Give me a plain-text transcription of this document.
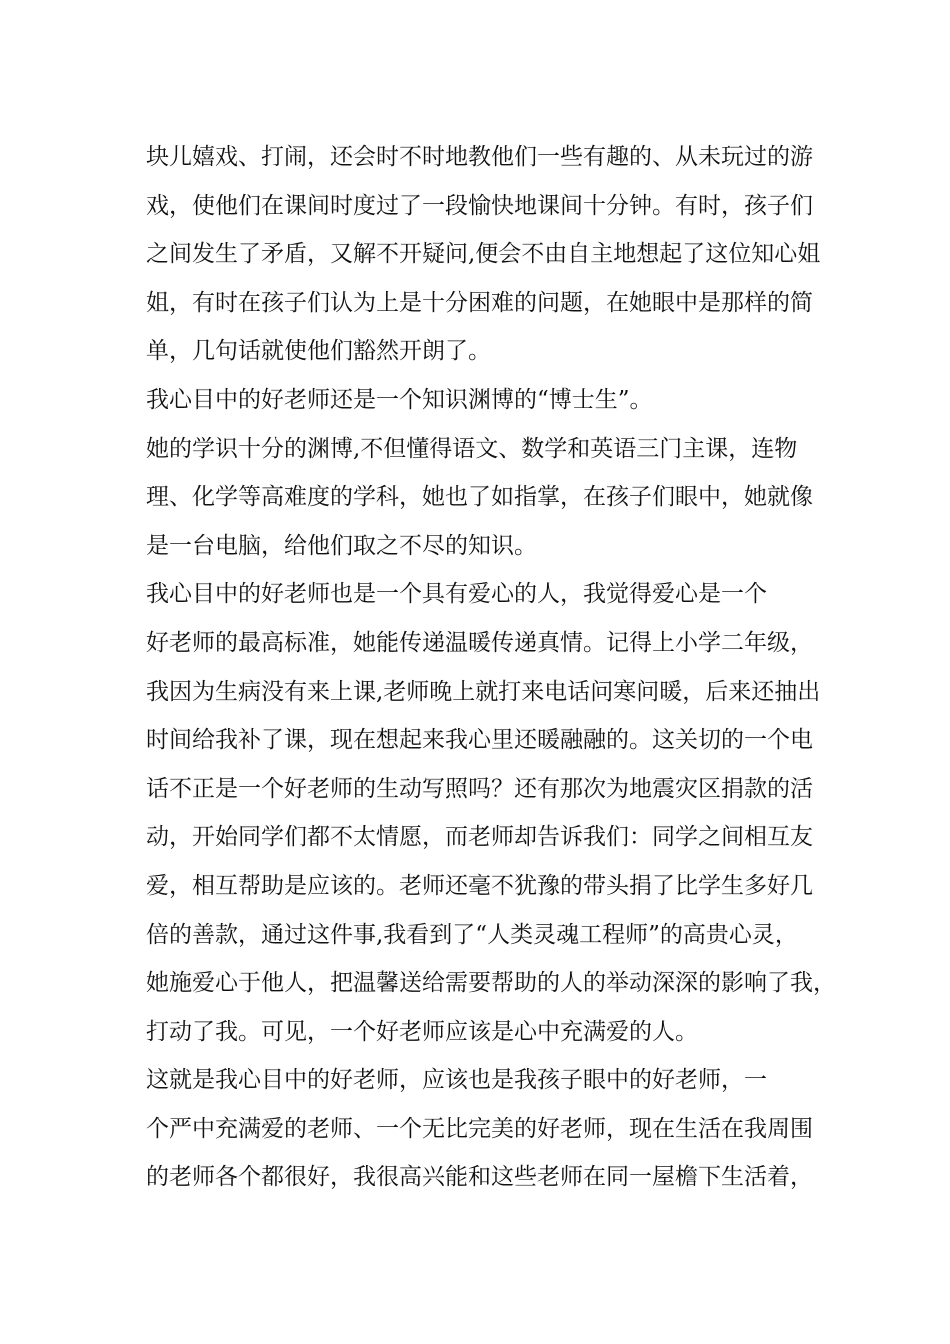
块儿嬉戏、打闹，还会时不时地教他们一些有趣的、从未玩过的游
戏，使他们在课间时度过了一段愉快地课间十分钟。有时，孩子们
之间发生了矛盾，又解不开疑问,便会不由自主地想起了这位知心姐
姐，有时在孩子们认为上是十分困难的问题，在她眼中是那样的简
单，几句话就使他们豁然开朗了。
我心目中的好老师还是一个知识渊博的“博士生”。
她的学识十分的渊博,不但懂得语文、数学和英语三门主课，连物
理、化学等高难度的学科，她也了如指掌，在孩子们眼中，她就像
是一台电脑，给他们取之不尽的知识。
我心目中的好老师也是一个具有爱心的人，我觉得爱心是一个
好老师的最高标准，她能传递温暖传递真情。记得上小学二年级，
我因为生病没有来上课,老师晚上就打来电话问寒问暖，后来还抽出
时间给我补了课，现在想起来我心里还暖融融的。这关切的一个电
话不正是一个好老师的生动写照吗？还有那次为地震灾区捐款的活
动，开始同学们都不太情愿，而老师却告诉我们：同学之间相互友
爱，相互帮助是应该的。老师还毫不犹豫的带头捐了比学生多好几
倍的善款，通过这件事,我看到了“人类灵魂工程师”的高贵心灵，
她施爱心于他人，把温馨送给需要帮助的人的举动深深的影响了我，
打动了我。可见，一个好老师应该是心中充满爱的人。
这就是我心目中的好老师，应该也是我孩子眼中的好老师，一
个严中充满爱的老师、一个无比完美的好老师，现在生活在我周围
的老师各个都很好，我很高兴能和这些老师在同一屋檐下生活着，
